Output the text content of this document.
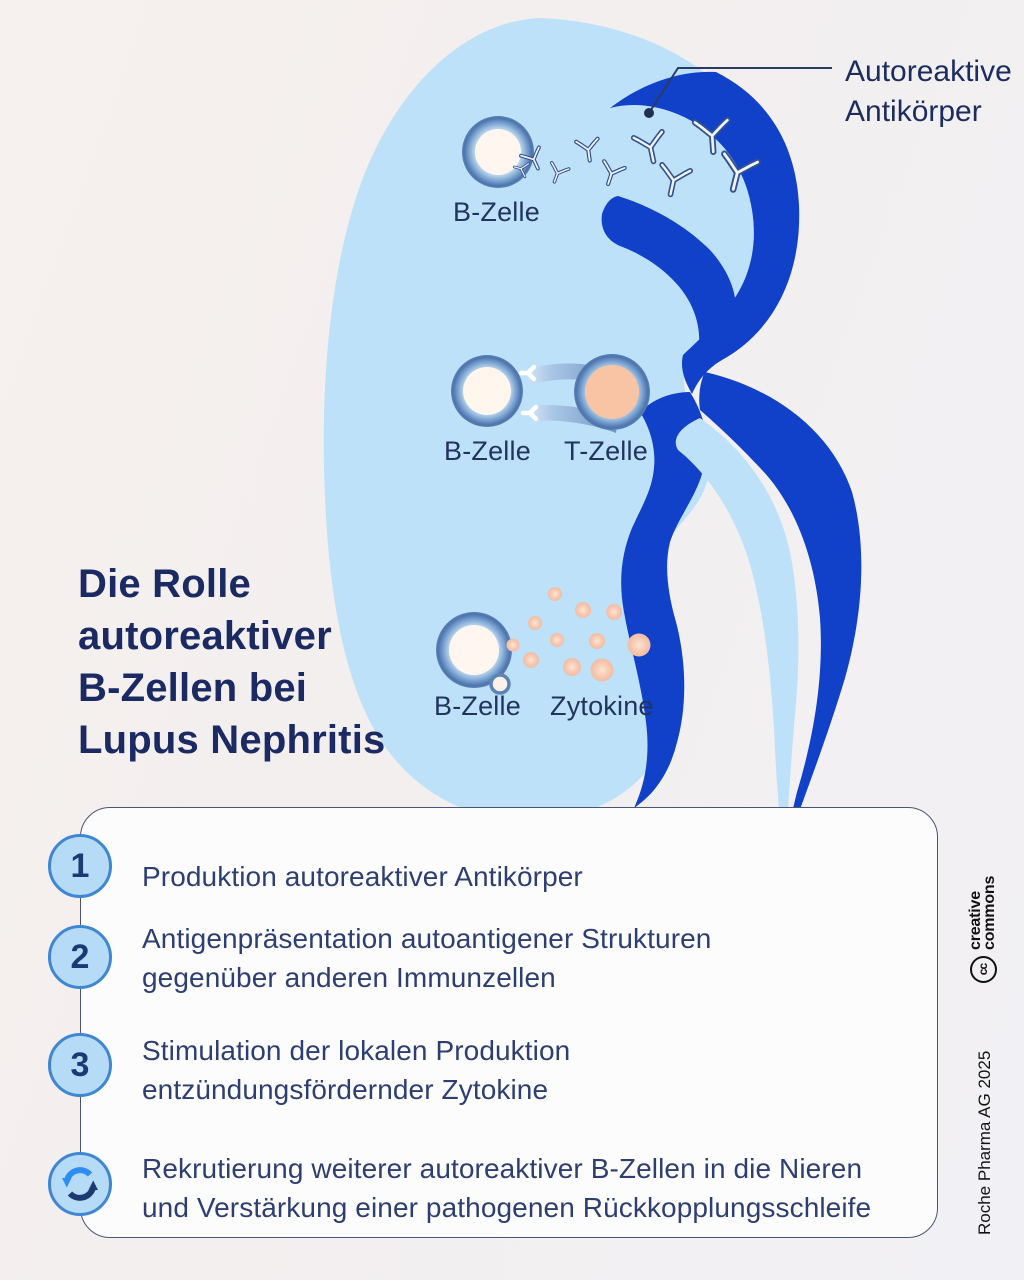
Autoreaktive
Antikörper
B-Zelle
B-Zelle T-Zelle
B-Zelle Zytokine
Die Rolle
autoreaktiver
B-Zellen bei
Lupus Nephritis
1
2
3
Produktion autoreaktiver Antikörper
Antigenpräsentation autoantigener Strukturen
gegenüber anderen Immunzellen
Stimulation der lokalen Produktion
entzündungsfördernder Zytokine
Rekrutierung weiterer autoreaktiver B-Zellen in die Nieren
und Verstärkung einer pathogenen Rückkopplungsschleife
cc
creative
commons
Roche Pharma AG 2025
